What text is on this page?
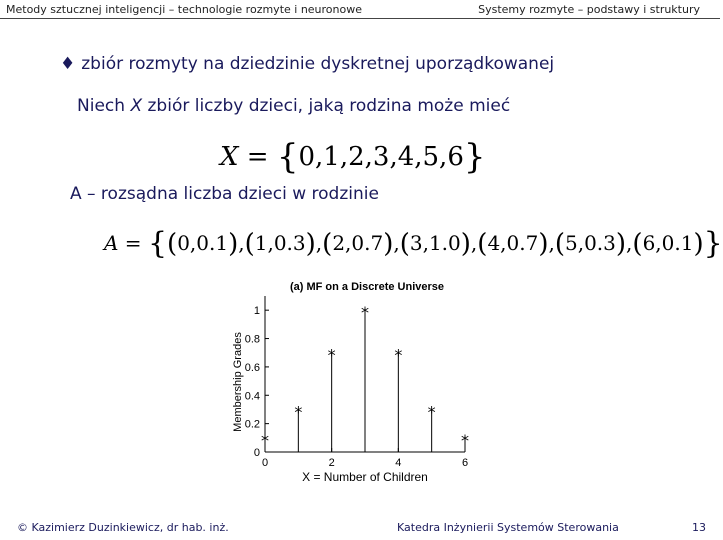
Metody sztucznej inteligencji – technologie rozmyte i neuronowe	Systemy rozmyte – podstawy i struktury
♦ zbiór rozmyty na dziedzinie dyskretnej uporządkowanej
Niech X zbiór liczby dzieci, jaką rodzina może mieć
X = {0,1,2,3,4,5,6}
A – rozsądna liczba dzieci w rodzinie
A = {(0,0.1),(1,0.3),(2,0.7),(3,1.0),(4,0.7),(5,0.3),(6,0.1)}
0
0.2
0.4
0.6
0.8
1
0	2	4	6
*
*
*
*
*
*
*
(a) MF on a Discrete Universe
X = Number of Children
Membership Grades
© Kazimierz Duzinkiewicz, dr hab. inż.	Katedra Inżynierii Systemów Sterowania	13
